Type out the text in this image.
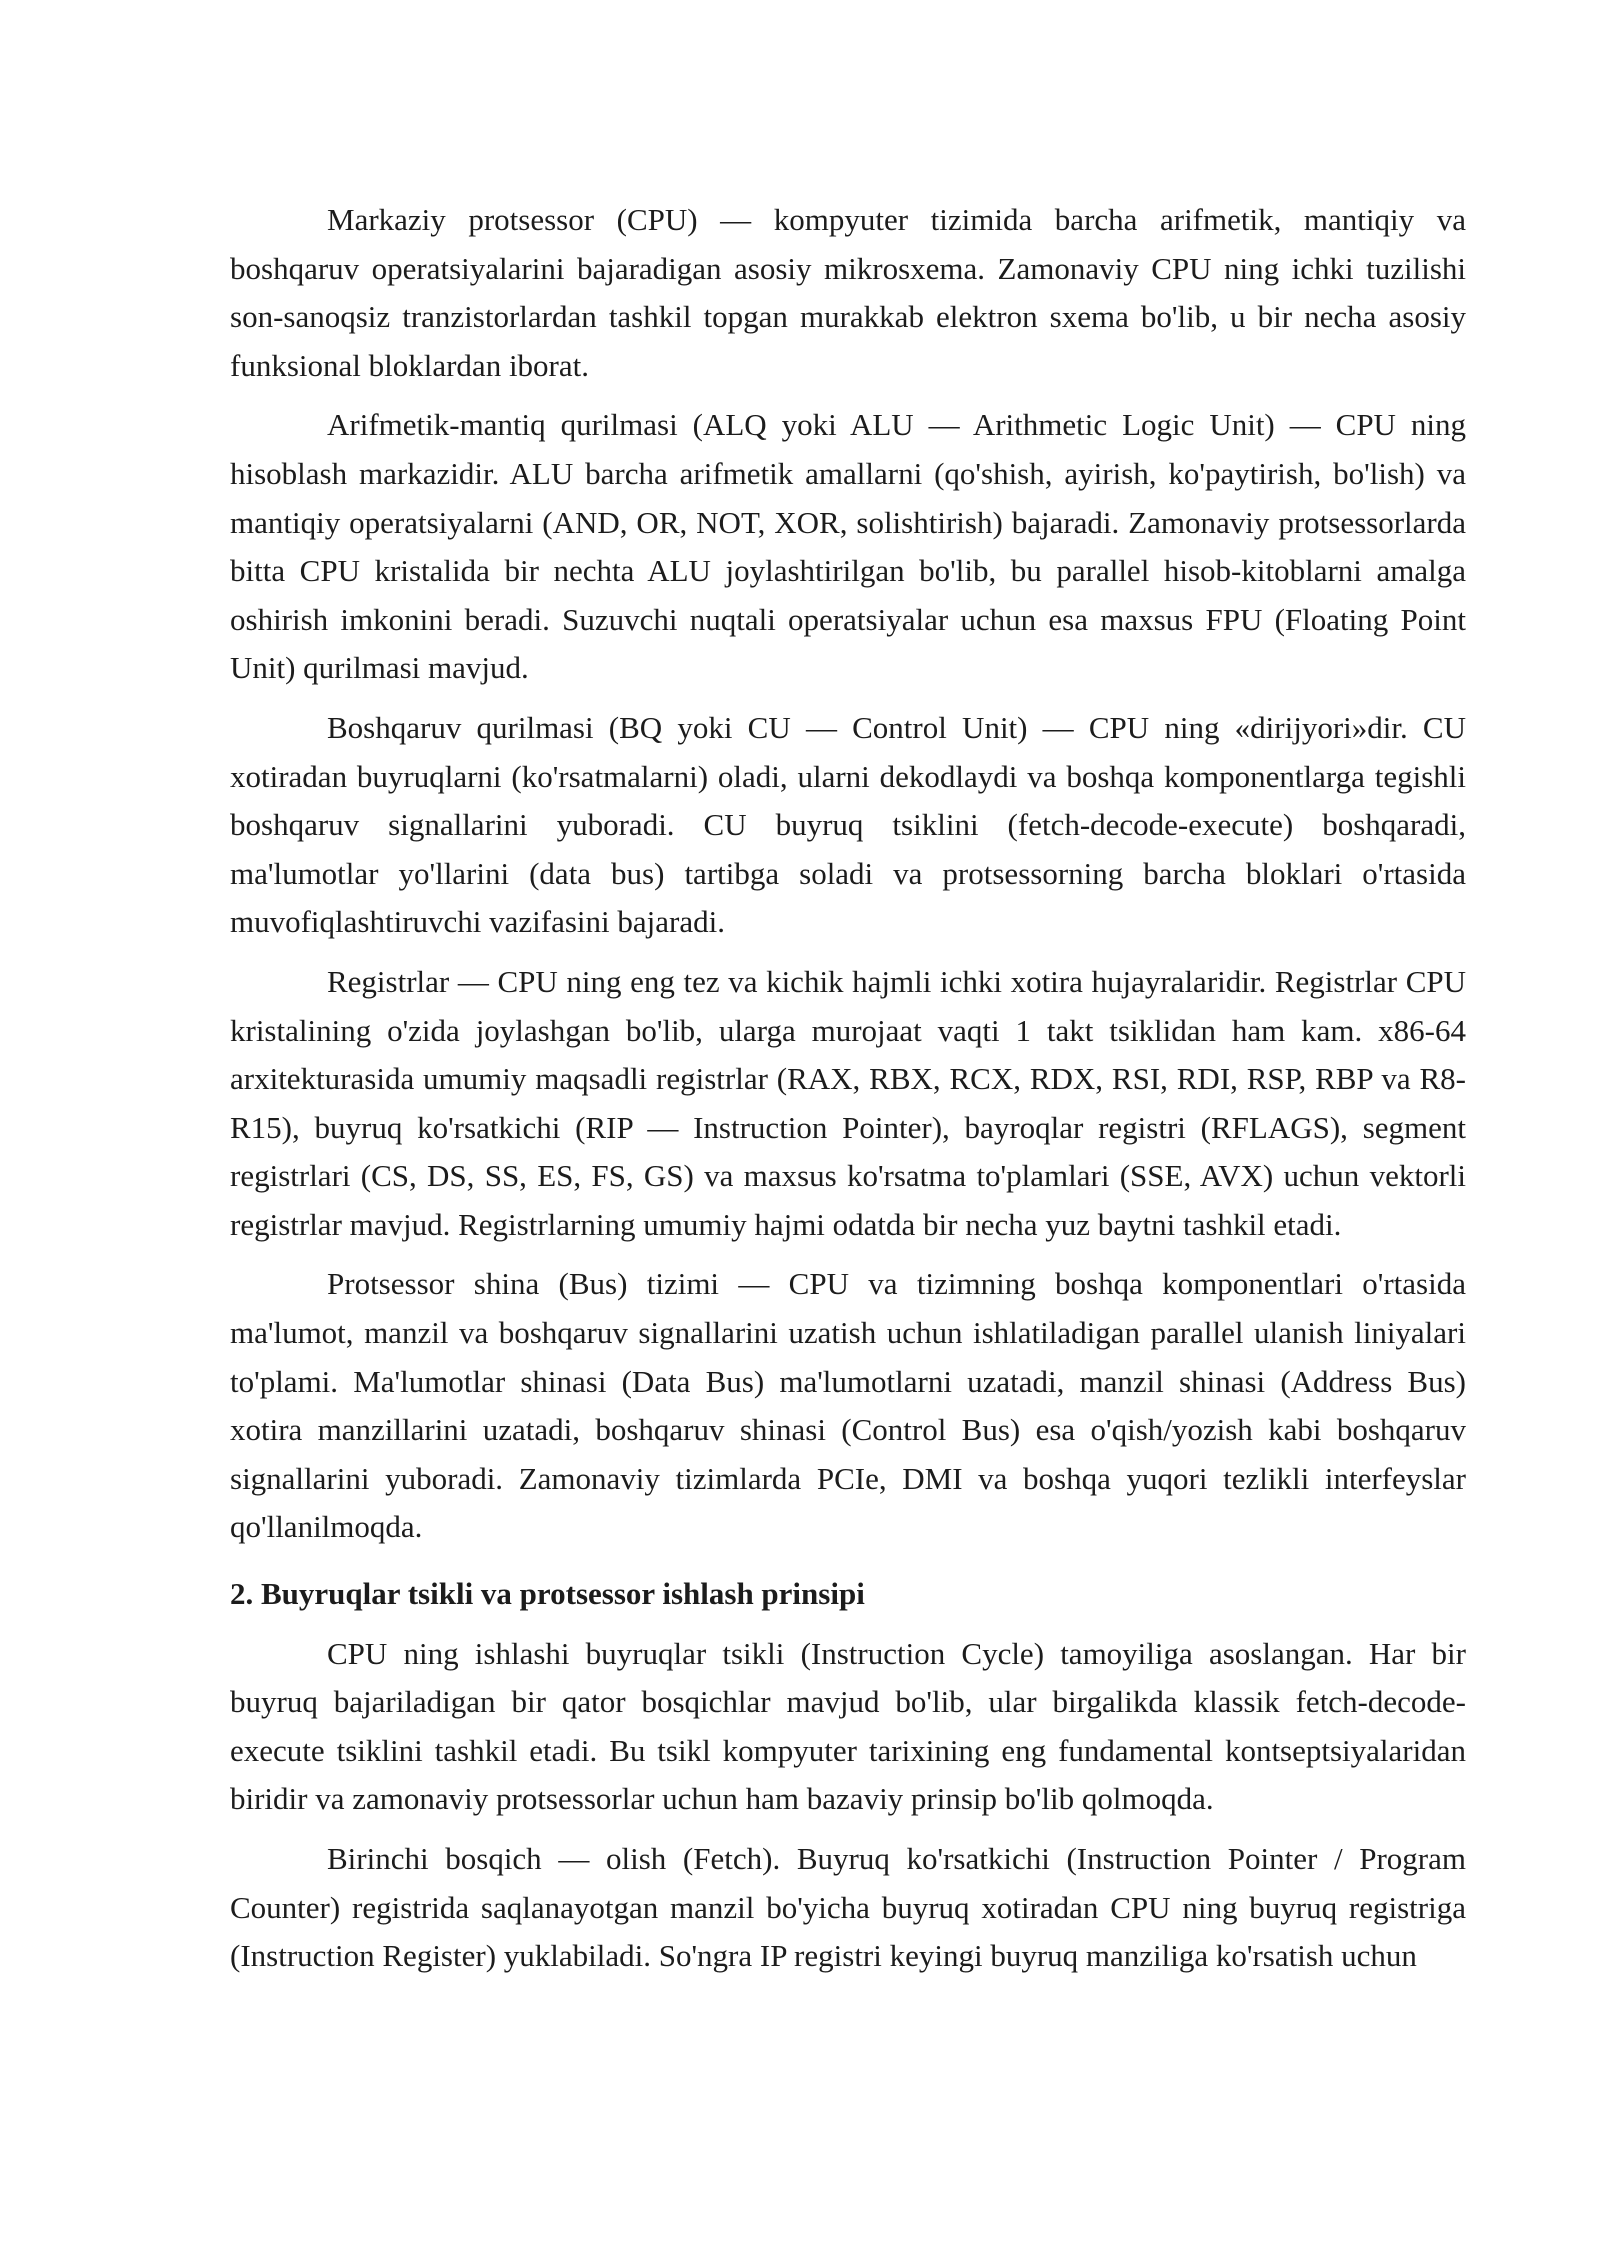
Markaziy protsessor (CPU) — kompyuter tizimida barcha arifmetik, mantiqiy va boshqaruv operatsiyalarini bajaradigan asosiy mikrosxema. Zamonaviy CPU ning ichki tuzilishi son-sanoqsiz tranzistorlardan tashkil topgan murakkab elektron sxema bo'lib, u bir necha asosiy funksional bloklardan iborat.

Arifmetik-mantiq qurilmasi (ALQ yoki ALU — Arithmetic Logic Unit) — CPU ning hisoblash markazidir. ALU barcha arifmetik amallarni (qo'shish, ayirish, ko'paytirish, bo'lish) va mantiqiy operatsiyalarni (AND, OR, NOT, XOR, solishtirish) bajaradi. Zamonaviy protsessorlarda bitta CPU kristalida bir nechta ALU joylashtirilgan bo'lib, bu parallel hisob-kitoblarni amalga oshirish imkonini beradi. Suzuvchi nuqtali operatsiyalar uchun esa maxsus FPU (Floating Point Unit) qurilmasi mavjud.

Boshqaruv qurilmasi (BQ yoki CU — Control Unit) — CPU ning «dirijyori»dir. CU xotiradan buyruqlarni (ko'rsatmalarni) oladi, ularni dekodlaydi va boshqa komponentlarga tegishli boshqaruv signallarini yuboradi. CU buyruq tsiklini (fetch-decode-execute) boshqaradi, ma'lumotlar yo'llarini (data bus) tartibga soladi va protsessorning barcha bloklari o'rtasida muvofiqlashtiruvchi vazifasini bajaradi.

Registrlar — CPU ning eng tez va kichik hajmli ichki xotira hujayralaridir. Registrlar CPU kristalining o'zida joylashgan bo'lib, ularga murojaat vaqti 1 takt tsiklidan ham kam. x86-64 arxitekturasida umumiy maqsadli registrlar (RAX, RBX, RCX, RDX, RSI, RDI, RSP, RBP va R8-R15), buyruq ko'rsatkichi (RIP — Instruction Pointer), bayroqlar registri (RFLAGS), segment registrlari (CS, DS, SS, ES, FS, GS) va maxsus ko'rsatma to'plamlari (SSE, AVX) uchun vektorli registrlar mavjud. Registrlarning umumiy hajmi odatda bir necha yuz baytni tashkil etadi.

Protsessor shina (Bus) tizimi — CPU va tizimning boshqa komponentlari o'rtasida ma'lumot, manzil va boshqaruv signallarini uzatish uchun ishlatiladigan parallel ulanish liniyalari to'plami. Ma'lumotlar shinasi (Data Bus) ma'lumotlarni uzatadi, manzil shinasi (Address Bus) xotira manzillarini uzatadi, boshqaruv shinasi (Control Bus) esa o'qish/yozish kabi boshqaruv signallarini yuboradi. Zamonaviy tizimlarda PCIe, DMI va boshqa yuqori tezlikli interfeyslar qo'llanilmoqda.

2. Buyruqlar tsikli va protsessor ishlash prinsipi

CPU ning ishlashi buyruqlar tsikli (Instruction Cycle) tamoyiliga asoslangan. Har bir buyruq bajariladigan bir qator bosqichlar mavjud bo'lib, ular birgalikda klassik fetch-decode-execute tsiklini tashkil etadi. Bu tsikl kompyuter tarixining eng fundamental kontseptsiyalaridan biridir va zamonaviy protsessorlar uchun ham bazaviy prinsip bo'lib qolmoqda.

Birinchi bosqich — olish (Fetch). Buyruq ko'rsatkichi (Instruction Pointer / Program Counter) registrida saqlanayotgan manzil bo'yicha buyruq xotiradan CPU ning buyruq registriga (Instruction Register) yuklabiladi. So'ngra IP registri keyingi buyruq manziliga ko'rsatish uchun
